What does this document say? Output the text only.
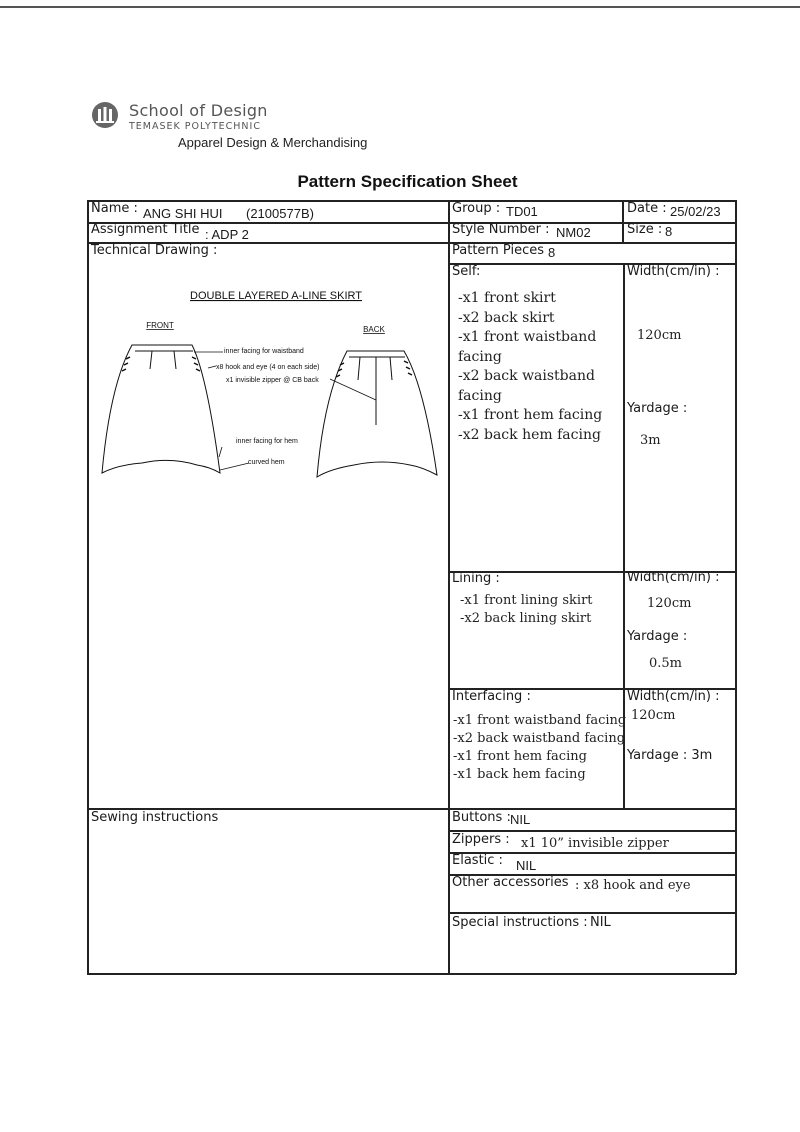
School of Design
TEMASEK POLYTECHNIC
Apparel Design & Merchandising
Pattern Specification Sheet
Name : ANG SHI HUI (2100577B)	Group : TD01	Date : 25/02/23
Assignment Title : ADP 2	Style Number : NM02	Size : 8
Technical Drawing :	Pattern Pieces 8
DOUBLE LAYERED A-LINE SKIRT
FRONT	BACK
inner facing for waistband
x8 hook and eye (4 on each side)
x1 invisible zipper @ CB back
inner facing for hem
curved hem
Self:
-x1 front skirt
-x2 back skirt
-x1 front waistband
facing
-x2 back waistband
facing
-x1 front hem facing
-x2 back hem facing
Width(cm/in) :
120cm
Yardage :
3m
Lining :
-x1 front lining skirt
-x2 back lining skirt
Width(cm/in) :
120cm
Yardage :
0.5m
Interfacing :
-x1 front waistband facing
-x2 back waistband facing
-x1 front hem facing
-x1 back hem facing
Width(cm/in) :
120cm
Yardage : 3m
Sewing instructions	Buttons : NIL
Zippers : x1 10” invisible zipper
Elastic : NIL
Other accessories : x8 hook and eye
Special instructions : NIL
